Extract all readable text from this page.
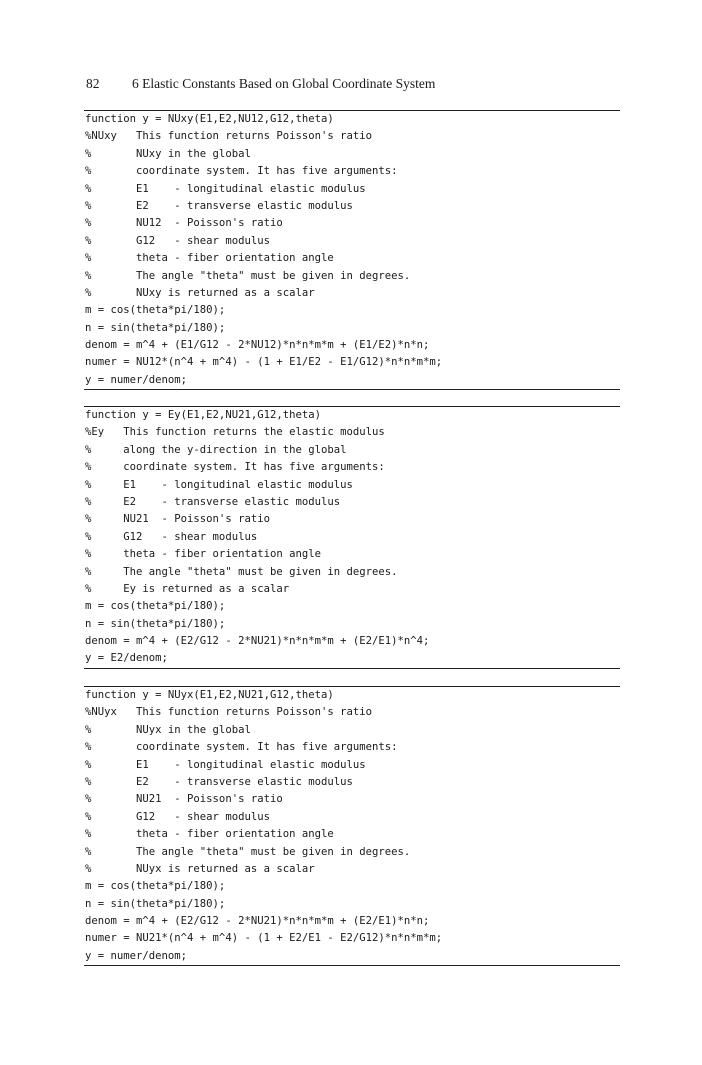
82 6 Elastic Constants Based on Global Coordinate System
function y = NUxy(E1,E2,NU12,G12,theta)
%NUxy   This function returns Poisson's ratio
%       NUxy in the global
%       coordinate system. It has five arguments:
%       E1    - longitudinal elastic modulus
%       E2    - transverse elastic modulus
%       NU12  - Poisson's ratio
%       G12   - shear modulus
%       theta - fiber orientation angle
%       The angle "theta" must be given in degrees.
%       NUxy is returned as a scalar
m = cos(theta*pi/180);
n = sin(theta*pi/180);
denom = m^4 + (E1/G12 - 2*NU12)*n*n*m*m + (E1/E2)*n*n;
numer = NU12*(n^4 + m^4) - (1 + E1/E2 - E1/G12)*n*n*m*m;
y = numer/denom;
function y = Ey(E1,E2,NU21,G12,theta)
%Ey   This function returns the elastic modulus
%     along the y-direction in the global
%     coordinate system. It has five arguments:
%     E1    - longitudinal elastic modulus
%     E2    - transverse elastic modulus
%     NU21  - Poisson's ratio
%     G12   - shear modulus
%     theta - fiber orientation angle
%     The angle "theta" must be given in degrees.
%     Ey is returned as a scalar
m = cos(theta*pi/180);
n = sin(theta*pi/180);
denom = m^4 + (E2/G12 - 2*NU21)*n*n*m*m + (E2/E1)*n^4;
y = E2/denom;
function y = NUyx(E1,E2,NU21,G12,theta)
%NUyx   This function returns Poisson's ratio
%       NUyx in the global
%       coordinate system. It has five arguments:
%       E1    - longitudinal elastic modulus
%       E2    - transverse elastic modulus
%       NU21  - Poisson's ratio
%       G12   - shear modulus
%       theta - fiber orientation angle
%       The angle "theta" must be given in degrees.
%       NUyx is returned as a scalar
m = cos(theta*pi/180);
n = sin(theta*pi/180);
denom = m^4 + (E2/G12 - 2*NU21)*n*n*m*m + (E2/E1)*n*n;
numer = NU21*(n^4 + m^4) - (1 + E2/E1 - E2/G12)*n*n*m*m;
y = numer/denom;
